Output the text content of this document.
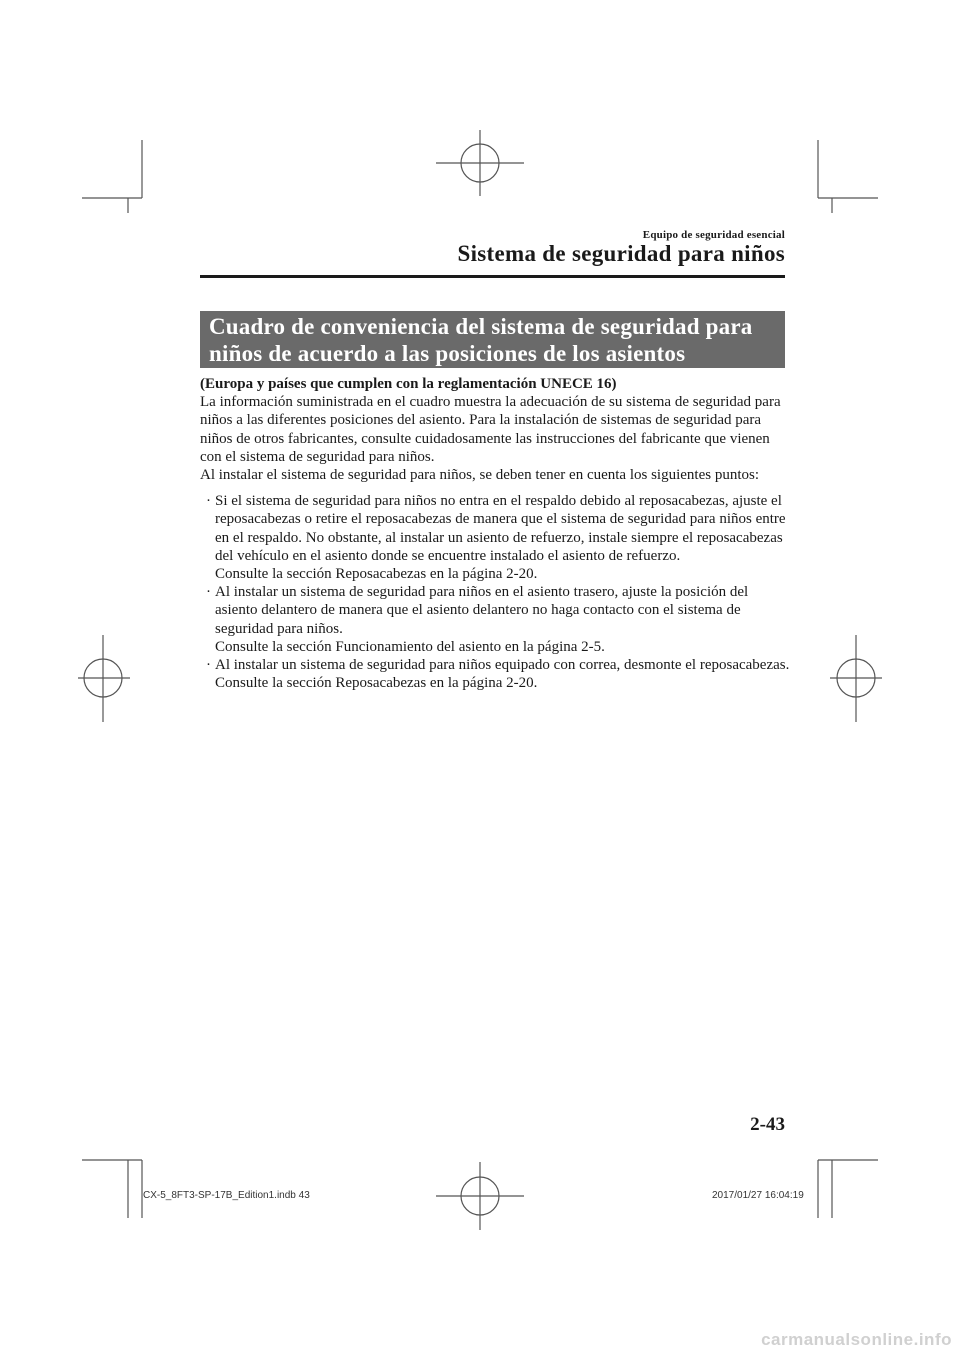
Equipo de seguridad esencial
Sistema de seguridad para niños
Cuadro de conveniencia del sistema de seguridad para
niños de acuerdo a las posiciones de los asientos

(Europa y países que cumplen con la reglamentación UNECE 16)

La información suministrada en el cuadro muestra la adecuación de su sistema de seguridad para niños a las diferentes posiciones del asiento. Para la instalación de sistemas de seguridad para niños de otros fabricantes, consulte cuidadosamente las instrucciones del fabricante que vienen con el sistema de seguridad para niños.

Al instalar el sistema de seguridad para niños, se deben tener en cuenta los siguientes puntos:

· Si el sistema de seguridad para niños no entra en el respaldo debido al reposacabezas, ajuste el reposacabezas o retire el reposacabezas de manera que el sistema de seguridad para niños entre en el respaldo. No obstante, al instalar un asiento de refuerzo, instale siempre el reposacabezas del vehículo en el asiento donde se encuentre instalado el asiento de refuerzo.
Consulte la sección Reposacabezas en la página 2-20.
· Al instalar un sistema de seguridad para niños en el asiento trasero, ajuste la posición del asiento delantero de manera que el asiento delantero no haga contacto con el sistema de seguridad para niños.
Consulte la sección Funcionamiento del asiento en la página 2-5.
· Al instalar un sistema de seguridad para niños equipado con correa, desmonte el reposacabezas.
Consulte la sección Reposacabezas en la página 2-20.
2-43
CX-5_8FT3-SP-17B_Edition1.indb 43	2017/01/27 16:04:19
carmanualsonline.info
